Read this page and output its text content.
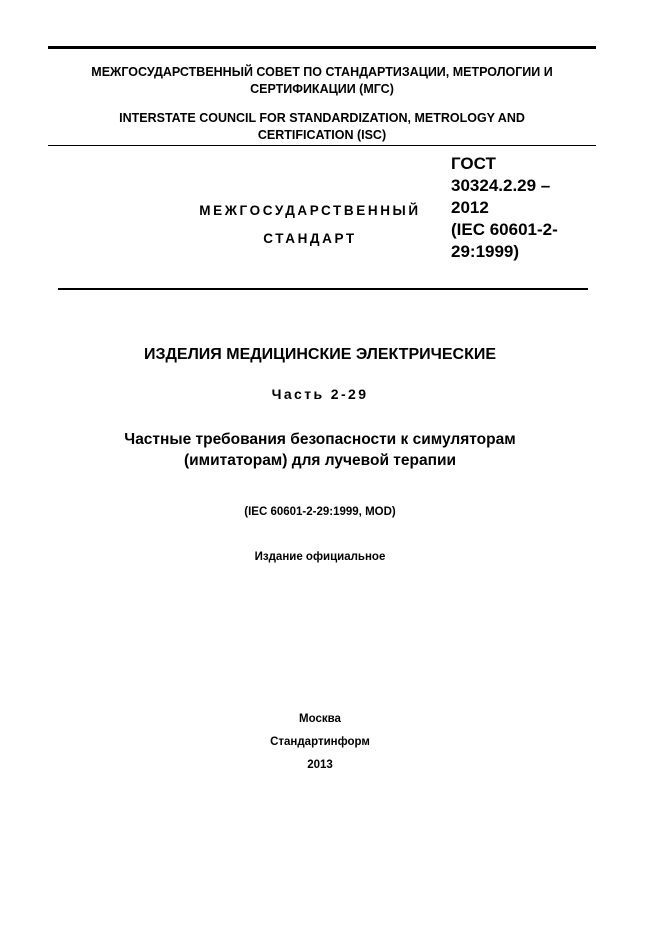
МЕЖГОСУДАРСТВЕННЫЙ СОВЕТ ПО СТАНДАРТИЗАЦИИ, МЕТРОЛОГИИ И
СЕРТИФИКАЦИИ (МГС)
INTERSTATE COUNCIL FOR STANDARDIZATION, METROLOGY AND
CERTIFICATION (ISC)
МЕЖГОСУДАРСТВЕННЫЙ
СТАНДАРТ
ГОСТ
30324.2.29 –
2012
(IEC 60601-2-
29:1999)
ИЗДЕЛИЯ МЕДИЦИНСКИЕ ЭЛЕКТРИЧЕСКИЕ
Часть 2-29
Частные требования безопасности к симуляторам
(имитаторам) для лучевой терапии
(IEC 60601-2-29:1999, MOD)
Издание официальное
Москва
Стандартинформ
2013
